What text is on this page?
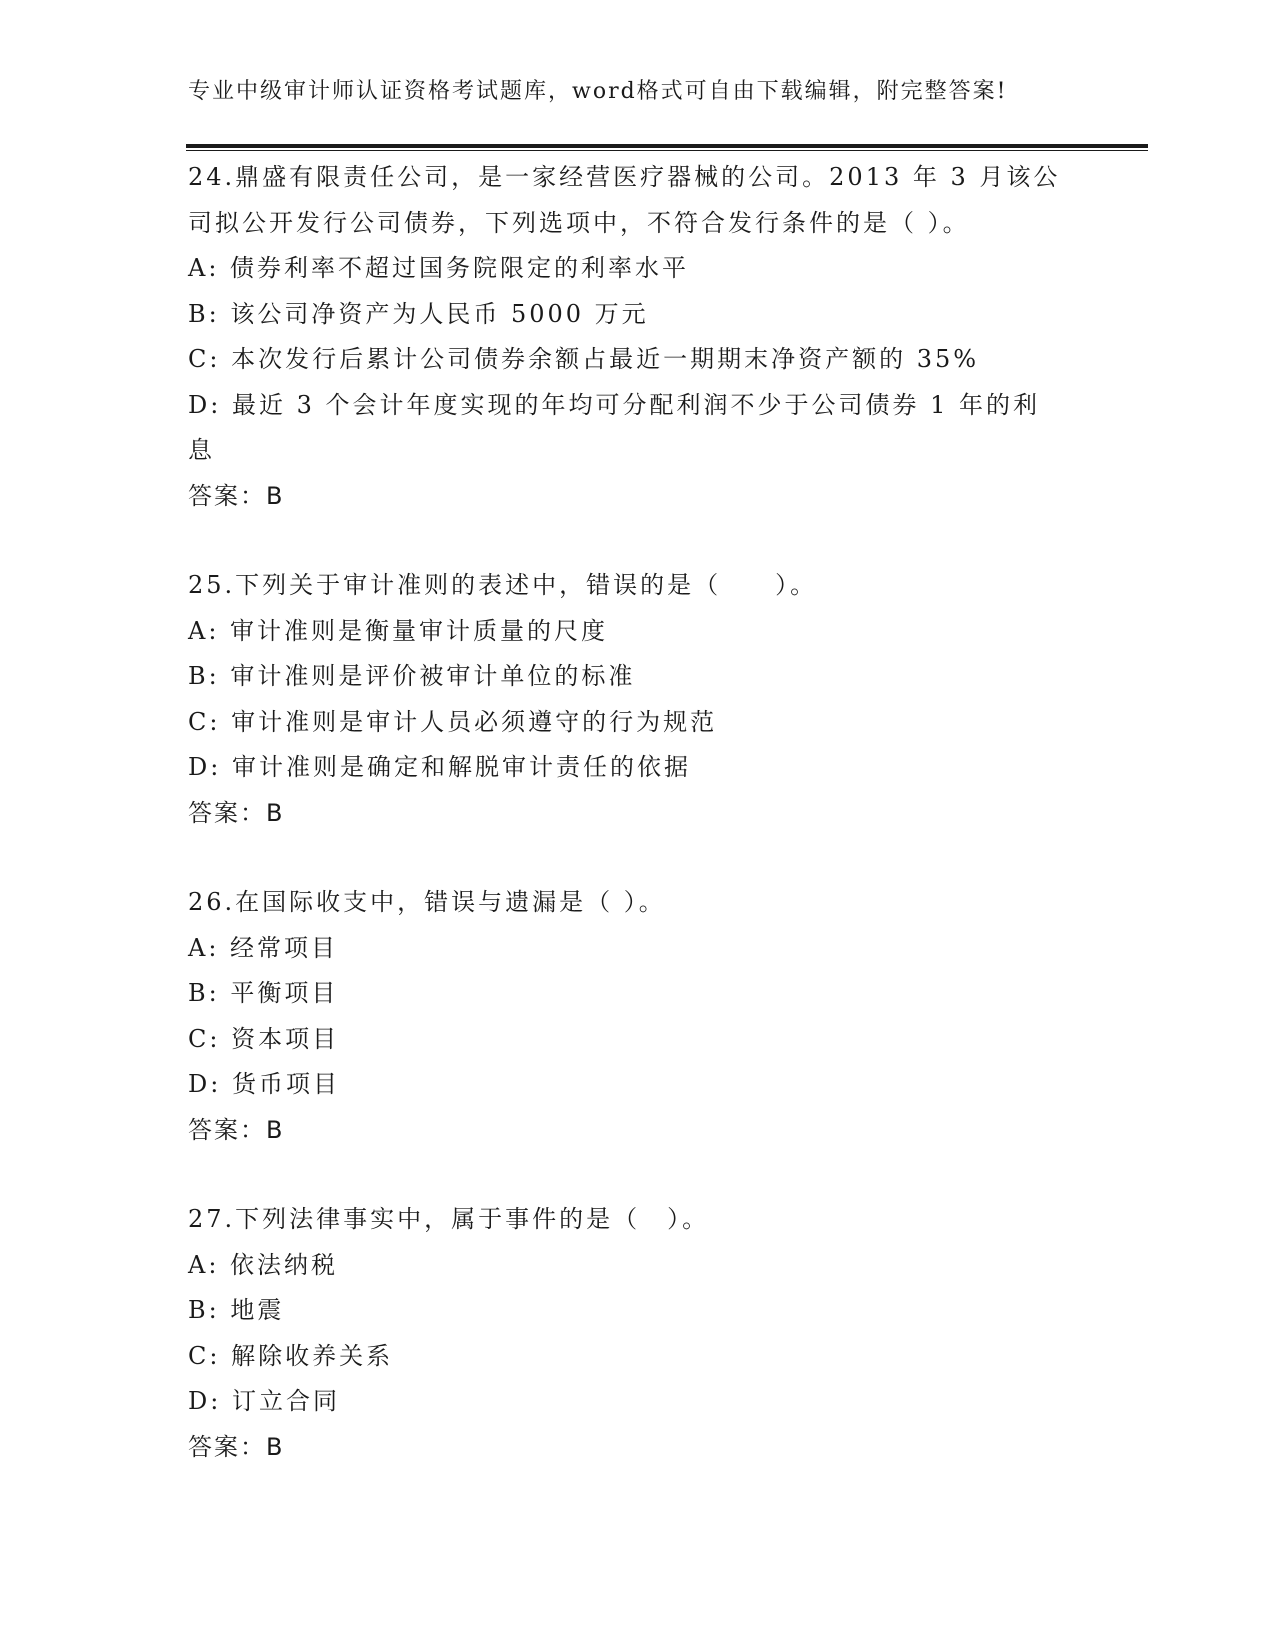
专业中级审计师认证资格考试题库，word格式可自由下载编辑，附完整答案!
24.鼎盛有限责任公司，是一家经营医疗器械的公司。2013 年 3 月该公
司拟公开发行公司债券，下列选项中，不符合发行条件的是（ ）。
A: 债券利率不超过国务院限定的利率水平
B: 该公司净资产为人民币 5000 万元
C: 本次发行后累计公司债券余额占最近一期期末净资产额的 35%
D: 最近 3 个会计年度实现的年均可分配利润不少于公司债券 1 年的利
息
答案：B
25.下列关于审计准则的表述中，错误的是（　　）。
A: 审计准则是衡量审计质量的尺度
B: 审计准则是评价被审计单位的标准
C: 审计准则是审计人员必须遵守的行为规范
D: 审计准则是确定和解脱审计责任的依据
答案：B
26.在国际收支中，错误与遗漏是（ ）。
A: 经常项目
B: 平衡项目
C: 资本项目
D: 货币项目
答案：B
27.下列法律事实中，属于事件的是（　）。
A: 依法纳税
B: 地震
C: 解除收养关系
D: 订立合同
答案：B
